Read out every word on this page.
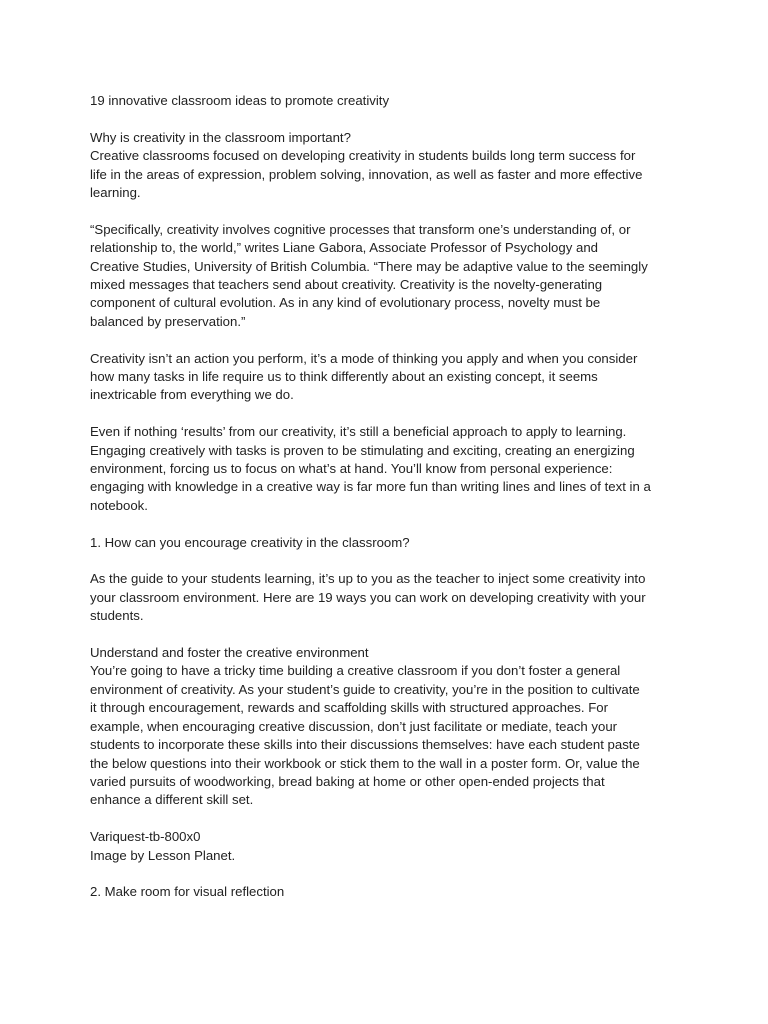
19 innovative classroom ideas to promote creativity

Why is creativity in the classroom important?
Creative classrooms focused on developing creativity in students builds long term success for
life in the areas of expression, problem solving, innovation, as well as faster and more effective
learning.

“Specifically, creativity involves cognitive processes that transform one’s understanding of, or
relationship to, the world,” writes Liane Gabora, Associate Professor of Psychology and
Creative Studies, University of British Columbia. “There may be adaptive value to the seemingly
mixed messages that teachers send about creativity. Creativity is the novelty-generating
component of cultural evolution. As in any kind of evolutionary process, novelty must be
balanced by preservation.”

Creativity isn’t an action you perform, it’s a mode of thinking you apply and when you consider
how many tasks in life require us to think differently about an existing concept, it seems
inextricable from everything we do.

Even if nothing ‘results’ from our creativity, it’s still a beneficial approach to apply to learning.
Engaging creatively with tasks is proven to be stimulating and exciting, creating an energizing
environment, forcing us to focus on what’s at hand. You’ll know from personal experience:
engaging with knowledge in a creative way is far more fun than writing lines and lines of text in a
notebook.

1. How can you encourage creativity in the classroom?

As the guide to your students learning, it’s up to you as the teacher to inject some creativity into
your classroom environment. Here are 19 ways you can work on developing creativity with your
students.

Understand and foster the creative environment
You’re going to have a tricky time building a creative classroom if you don’t foster a general
environment of creativity. As your student’s guide to creativity, you’re in the position to cultivate
it through encouragement, rewards and scaffolding skills with structured approaches. For
example, when encouraging creative discussion, don’t just facilitate or mediate, teach your
students to incorporate these skills into their discussions themselves: have each student paste
the below questions into their workbook or stick them to the wall in a poster form. Or, value the
varied pursuits of woodworking, bread baking at home or other open-ended projects that
enhance a different skill set.

Variquest-tb-800x0
Image by Lesson Planet.

2. Make room for visual reflection
